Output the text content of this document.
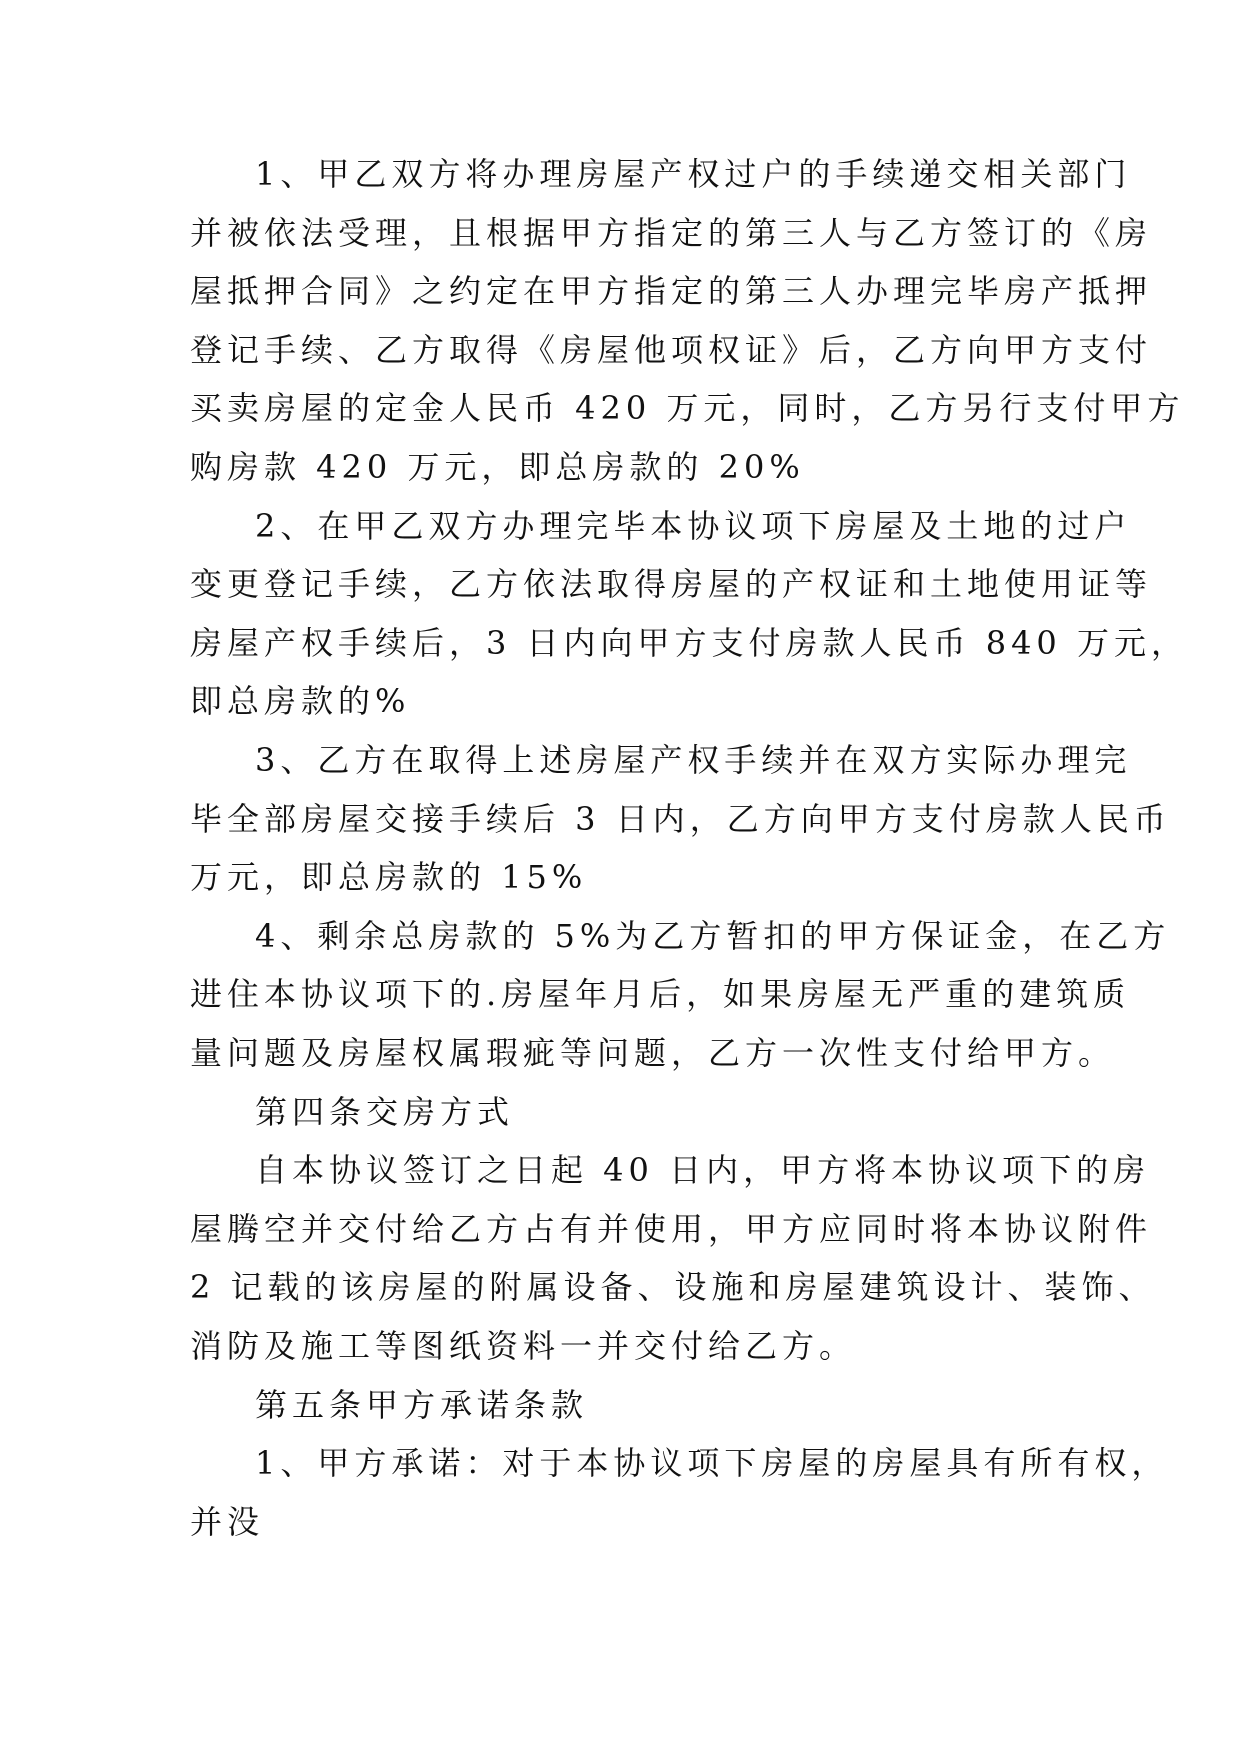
1、甲乙双方将办理房屋产权过户的手续递交相关部门
并被依法受理，且根据甲方指定的第三人与乙方签订的《房
屋抵押合同》之约定在甲方指定的第三人办理完毕房产抵押
登记手续、乙方取得《房屋他项权证》后，乙方向甲方支付
买卖房屋的定金人民币 420 万元，同时，乙方另行支付甲方
购房款 420 万元，即总房款的 20%
2、在甲乙双方办理完毕本协议项下房屋及土地的过户
变更登记手续，乙方依法取得房屋的产权证和土地使用证等
房屋产权手续后，3 日内向甲方支付房款人民币 840 万元，
即总房款的%
3、乙方在取得上述房屋产权手续并在双方实际办理完
毕全部房屋交接手续后 3 日内，乙方向甲方支付房款人民币
万元，即总房款的 15%
4、剩余总房款的 5%为乙方暂扣的甲方保证金，在乙方
进住本协议项下的.房屋年月后，如果房屋无严重的建筑质
量问题及房屋权属瑕疵等问题，乙方一次性支付给甲方。
第四条交房方式
自本协议签订之日起 40 日内，甲方将本协议项下的房
屋腾空并交付给乙方占有并使用，甲方应同时将本协议附件
2 记载的该房屋的附属设备、设施和房屋建筑设计、装饰、
消防及施工等图纸资料一并交付给乙方。
第五条甲方承诺条款
1、甲方承诺：对于本协议项下房屋的房屋具有所有权，
并没
